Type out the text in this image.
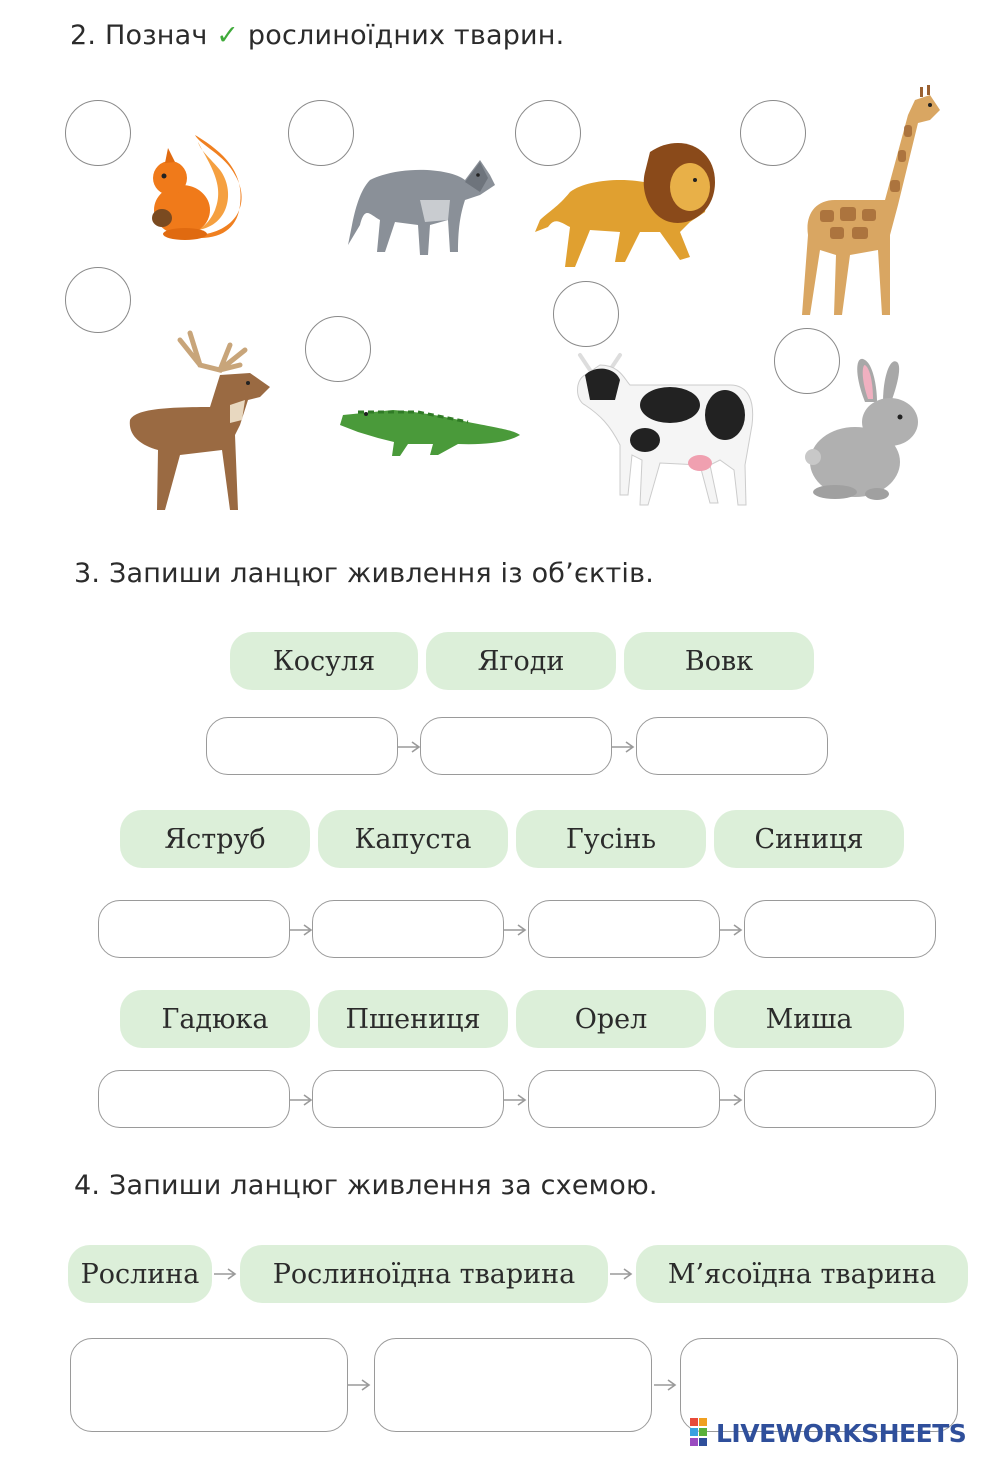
2. Познач ✓ рослиноїдних тварин.
3. Запиши ланцюг живлення із об’єктів.
Косуля	Ягоди	Вовк
Яструб	Капуста	Гусінь	Синиця
Гадюка	Пшениця	Орел	Миша
4. Запиши ланцюг живлення за схемою.
Рослина	Рослиноїдна тварина	М’ясоїдна тварина
LIVEWORKSHEETS
